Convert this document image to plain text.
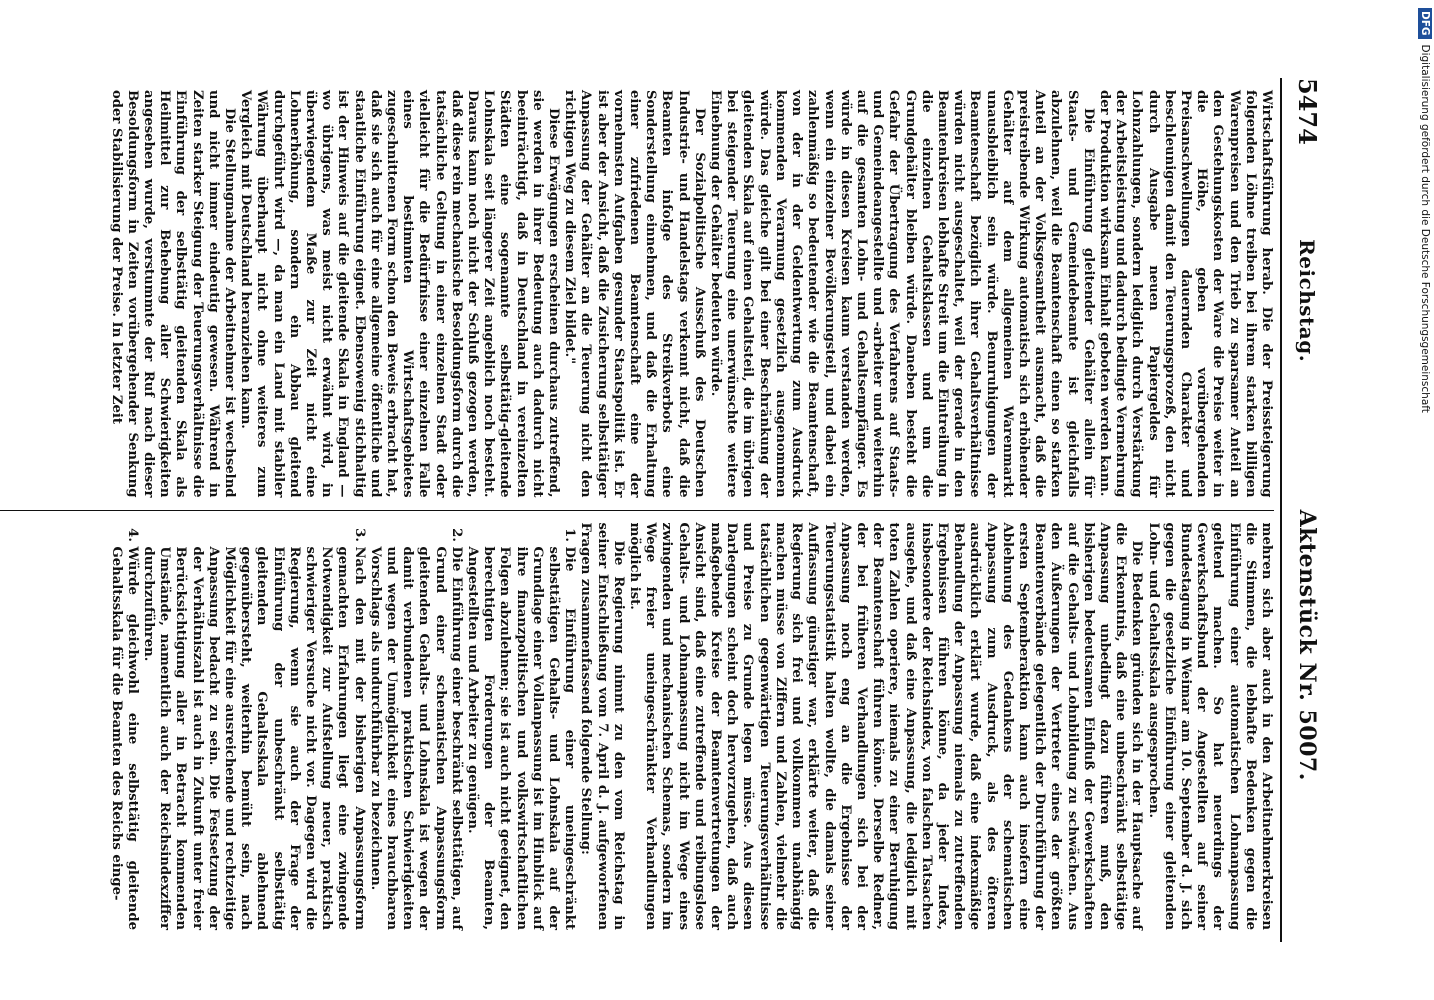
5474
Reichstag. Aktenstück Nr. 5007.

Wirtschaftsführung herab. Die der Preissteigerung folgenden Löhne treiben bei ihrem starken billigen Warenpreisen und den Trieb zu sparsamer Anteil an den Gestehungskosten der Ware die Preise weiter in die Höhe, geben vorübergehenden Preisanschwellungen dauernden Charakter und beschleunigen damit den Teuerungsprozeß, den nicht durch Ausgabe neuen Papiergeldes für Lohnzahlungen, sondern lediglich durch Verstärkung der Arbeitsleistung und dadurch bedingte Vermehrung der Produktion wirksam Einhalt geboten werden kann.

Die Einführung gleitender Gehälter allein für Staats- und Gemeindebeamte ist gleichfalls abzulehnen, weil die Beamtenschaft einen so starken Anteil an der Volksgesamtheit ausmacht, daß die preistreibende Wirkung automatisch sich erhöhender Gehälter auf dem allgemeinen Warenmarkt unausbleiblich sein würde. Beunruhigungen der Beamtenschaft bezüglich ihrer Gehaltsverhältnisse würden nicht ausgeschaltet, weil der gerade in den Beamtenkreisen lebhafte Streit um die Eintreihung in die einzelnen Gehaltsklassen und um die Grundgehälter bleiben würde. Daneben besteht die Gefahr der Übertragung des Verfahrens auf Staats- und Gemeindeangestellte und -arbeiter und weiterhin auf die gesamten Lohn- und Gehaltsempfänger. Es würde in diesen Kreisen kaum verstanden werden, wenn ein einzelner Bevölkerungsteil, und dabei ein zahlenmäßig so bedeutender wie die Beamtenschaft, von der in der Geldentwertung zum Ausdruck kommenden Verarmung gesetzlich ausgenommen würde. Das gleiche gilt bei einer Beschränkung der gleitenden Skala auf einen Gehaltsteil, die im übrigen bei steigender Teuerung eine unerwünschte weitere Einebnung der Gehälter bedeuten würde.

Der Sozialpolitische Ausschuß des Deutschen Industrie- und Handelstags verkennt nicht, daß die Beamten infolge des Streikverbots eine Sonderstellung einnehmen, und daß die Erhaltung einer zufriedenen Beamtenschaft eine der vornehmsten Aufgaben gesunder Staatspolitik ist. Er ist aber der Ansicht, daß die Zusicherung selbsttätiger Anpassung der Gehälter an die Teuerung nicht den richtigen Weg zu diesem Ziel bildet."

Diese Erwägungen erscheinen durchaus zutreffend, sie werden in ihrer Bedeutung auch dadurch nicht beeinträchtigt, daß in Deutschland in vereinzelten Städten eine sogenannte selbsttätig-gleitende Lohnskala seit längerer Zeit angeblich noch besteht. Daraus kann noch nicht der Schluß gezogen werden, daß diese rein mechanische Besoldungsform durch die tatsächliche Geltung in einer einzelnen Stadt oder vielleicht für die Bedürfnisse einer einzelnen Falle eines bestimmten Wirtschaftsgebietes zugeschnittenen Form schon den Beweis erbracht hat, daß sie sich auch für eine allgemeine öffentliche und staatliche Einführung eignet. Ebensowenig stichhaltig ist der Hinweis auf die gleitende Skala in England — wo übrigens, was meist nicht erwähnt wird, in überwiegendem Maße zur Zeit nicht eine Lohnerhöhung, sondern ein Abbau gleitend durchgeführt wird —, da man ein Land mit stabiler Währung überhaupt nicht ohne weiteres zum Vergleich mit Deutschland heranziehen kann.

Die Stellungnahme der Arbeitnehmer ist wechselnd und nicht immer eindeutig gewesen. Während in Zeiten starker Steigung der Teuerungsverhältnisse die Einführung der selbsttätig gleitenden Skala als Heilmittel zur Behebung aller Schwierigkeiten angesehen wurde, verstummte der Ruf nach dieser Besoldungsform in Zeiten vorübergehender Senkung oder Stabilisierung der Preise. In letzter Zeit

mehren sich aber auch in den Arbeitnehmerkreisen die Stimmen, die lebhafte Bedenken gegen die Einführung einer automatischen Lohnanpassung geltend machen. So hat neuerdings der Gewerkschaftsbund der Angestellten auf seiner Bundestagung in Weimar am 10. September d. J. sich gegen die gesetzliche Einführung einer gleitenden Lohn- und Gehaltsskala ausgesprochen.

Die Bedenken gründen sich in der Hauptsache auf die Erkenntnis, daß eine unbeschränkt selbsttätige Anpassung unbedingt dazu führen muß, den bisherigen bedeutsamen Einfluß der Gewerkschaften auf die Gehalts- und Lohnbildung zu schwächen. Aus den Äußerungen der Vertreter eines der größten Beamtenverbände gelegentlich der Durchführung der ersten Septemberaktion kann auch insofern eine Ablehnung des Gedankens der schematischen Anpassung zum Ausdruck, als des öfteren ausdrücklich erklärt wurde, daß eine indexmäßige Behandlung der Anpassung niemals zu zutreffenden Ergebnissen führen könne, da jeder Index, insbesondere der Reichsindex, von falschen Tatsachen ausgehe, und daß eine Anpassung, die lediglich mit toten Zahlen operiere, niemals zu einer Beruhigung der Beamtenschaft führen könne. Derselbe Redner, der bei früheren Verhandlungen sich bei der Anpassung noch eng an die Ergebnisse der Teuerungsstatistik halten wollte, die damals seiner Auffassung günstiger war, erklärte weiter, daß die Regierung sich frei und vollkommen unabhängig machen müsse von Ziffern und Zahlen, vielmehr die tatsächlichen gegenwärtigen Teuerungsverhältnisse und Preise zu Grunde legen müsse. Aus diesen Darlegungen scheint doch hervorzugehen, daß auch maßgebende Kreise der Beamtenvertretungen der Ansicht sind, daß eine zutreffende und reibungslose Gehalts- und Lohnanpassung nicht im Wege eines zwingenden und mechanischen Schemas, sondern im Wege freier uneingeschränkter Verhandlungen möglich ist.

Die Regierung nimmt zu den vom Reichstag in seiner Entschließung vom 7. April d. J. aufgeworfenen Fragen zusammenfassend folgende Stellung:

1. Die Einführung einer uneingeschränkt selbsttätigen Gehalts- und Lohnskala auf der Grundlage einer Vollanpassung ist im Hinblick auf ihre finanzpolitischen und volkswirtschaftlichen Folgen abzulehnen; sie ist auch nicht geeignet, den berechtigten Forderungen der Beamten, Angestellten und Arbeiter zu genügen.
2. Die Einführung einer beschränkt selbsttätigen, auf Grund einer schematischen Anpassungsform gleitenden Gehalts- und Lohnskala ist wegen der damit verbundenen praktischen Schwierigkeiten und wegen der Unmöglichkeit eines brauchbaren Vorschlags als undurchführbar zu bezeichnen.
3. Nach den mit der bisherigen Anpassungsform gemachten Erfahrungen liegt eine zwingende Notwendigkeit zur Aufstellung neuer, praktisch schwieriger Versuche nicht vor. Dagegen wird die Regierung, wenn sie auch der Frage der Einführung der unbeschränkt selbsttätig gleitenden Gehaltsskala ablehnend gegenübersteht, weiterhin bemüht sein, nach Möglichkeit für eine ausreichende und rechtzeitige Anpassung bedacht zu sein. Die Festsetzung der der Verhältniszahl ist auch in Zukunft unter freier Berücksichtigung aller in Betracht kommenden Umstände, namentlich auch der Reichsindexziffer durchzuführen.
4. Würde gleichwohl eine selbsttätig gleitende Gehaltsskala für die Beamten des Reichs einge-
DFGDigitalisierung gefördert durch die Deutsche Forschungsgemeinschaft
